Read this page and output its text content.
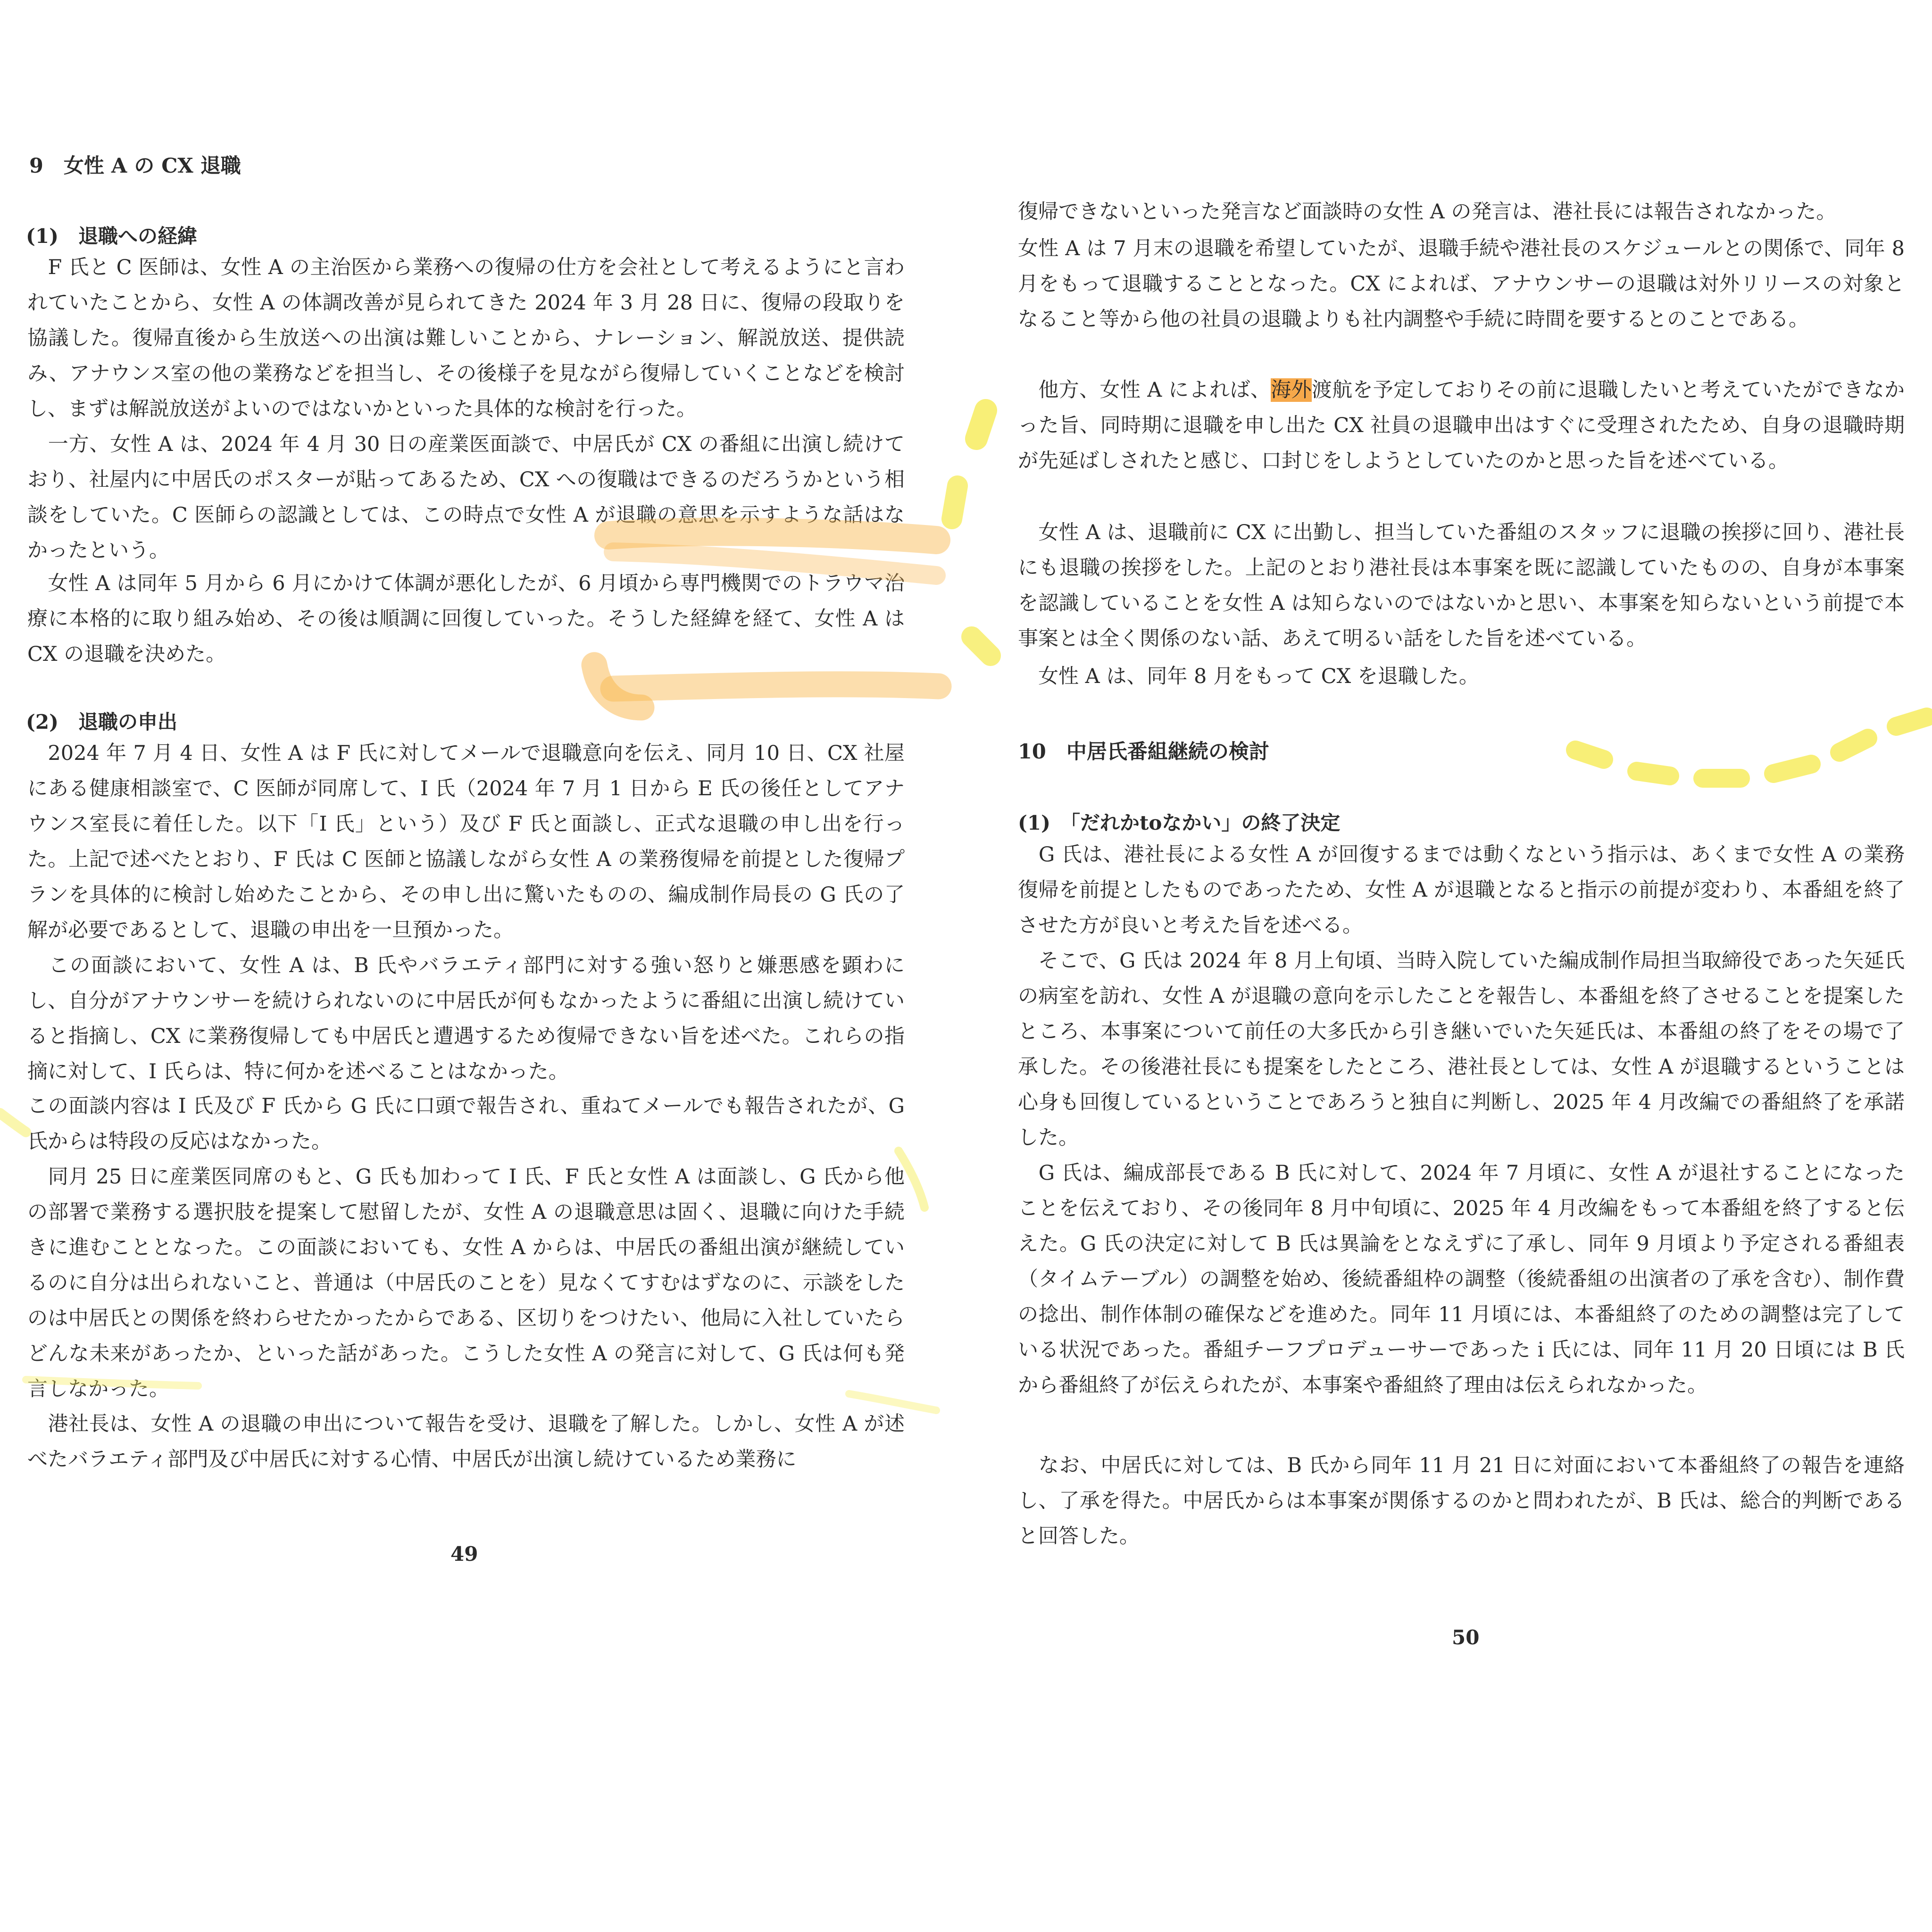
9　女性 A の CX 退職
(1)　退職への経緯

　F 氏と C 医師は、女性 A の主治医から業務への復帰の仕方を会社として考えるようにと言われていたことから、女性 A の体調改善が見られてきた 2024 年 3 月 28 日に、復帰の段取りを協議した。復帰直後から生放送への出演は難しいことから、ナレーション、解説放送、提供読み、アナウンス室の他の業務などを担当し、その後様子を見ながら復帰していくことなどを検討し、まずは解説放送がよいのではないかといった具体的な検討を行った。

　一方、女性 A は、2024 年 4 月 30 日の産業医面談で、中居氏が CX の番組に出演し続けており、社屋内に中居氏のポスターが貼ってあるため、CX への復職はできるのだろうかという相談をしていた。C 医師らの認識としては、この時点で女性 A が退職の意思を示すような話はなかったという。

　女性 A は同年 5 月から 6 月にかけて体調が悪化したが、6 月頃から専門機関でのトラウマ治療に本格的に取り組み始め、その後は順調に回復していった。そうした経緯を経て、女性 A は CX の退職を決めた。

(2)　退職の申出

　2024 年 7 月 4 日、女性 A は F 氏に対してメールで退職意向を伝え、同月 10 日、CX 社屋にある健康相談室で、C 医師が同席して、I 氏（2024 年 7 月 1 日から E 氏の後任としてアナウンス室長に着任した。以下「I 氏」という）及び F 氏と面談し、正式な退職の申し出を行った。上記で述べたとおり、F 氏は C 医師と協議しながら女性 A の業務復帰を前提とした復帰プランを具体的に検討し始めたことから、その申し出に驚いたものの、編成制作局長の G 氏の了解が必要であるとして、退職の申出を一旦預かった。

　この面談において、女性 A は、B 氏やバラエティ部門に対する強い怒りと嫌悪感を顕わにし、自分がアナウンサーを続けられないのに中居氏が何もなかったように番組に出演し続けていると指摘し、CX に業務復帰しても中居氏と遭遇するため復帰できない旨を述べた。これらの指摘に対して、I 氏らは、特に何かを述べることはなかった。

この面談内容は I 氏及び F 氏から G 氏に口頭で報告され、重ねてメールでも報告されたが、G 氏からは特段の反応はなかった。

　同月 25 日に産業医同席のもと、G 氏も加わって I 氏、F 氏と女性 A は面談し、G 氏から他の部署で業務する選択肢を提案して慰留したが、女性 A の退職意思は固く、退職に向けた手続きに進むこととなった。この面談においても、女性 A からは、中居氏の番組出演が継続しているのに自分は出られないこと、普通は（中居氏のことを）見なくてすむはずなのに、示談をしたのは中居氏との関係を終わらせたかったからである、区切りをつけたい、他局に入社していたらどんな未来があったか、といった話があった。こうした女性 A の発言に対して、G 氏は何も発言しなかった。

　港社長は、女性 A の退職の申出について報告を受け、退職を了解した。しかし、女性 A が述べたバラエティ部門及び中居氏に対する心情、中居氏が出演し続けているため業務に

49

復帰できないといった発言など面談時の女性 A の発言は、港社長には報告されなかった。

女性 A は 7 月末の退職を希望していたが、退職手続や港社長のスケジュールとの関係で、同年 8 月をもって退職することとなった。CX によれば、アナウンサーの退職は対外リリースの対象となること等から他の社員の退職よりも社内調整や手続に時間を要するとのことである。

　他方、女性 A によれば、海外渡航を予定しておりその前に退職したいと考えていたができなかった旨、同時期に退職を申し出た CX 社員の退職申出はすぐに受理されたため、自身の退職時期が先延ばしされたと感じ、口封じをしようとしていたのかと思った旨を述べている。

　女性 A は、退職前に CX に出勤し、担当していた番組のスタッフに退職の挨拶に回り、港社長にも退職の挨拶をした。上記のとおり港社長は本事案を既に認識していたものの、自身が本事案を認識していることを女性 A は知らないのではないかと思い、本事案を知らないという前提で本事案とは全く関係のない話、あえて明るい話をした旨を述べている。

　女性 A は、同年 8 月をもって CX を退職した。

10　中居氏番組継続の検討
(1)　「だれかtoなかい」の終了決定

　G 氏は、港社長による女性 A が回復するまでは動くなという指示は、あくまで女性 A の業務復帰を前提としたものであったため、女性 A が退職となると指示の前提が変わり、本番組を終了させた方が良いと考えた旨を述べる。

　そこで、G 氏は 2024 年 8 月上旬頃、当時入院していた編成制作局担当取締役であった矢延氏の病室を訪れ、女性 A が退職の意向を示したことを報告し、本番組を終了させることを提案したところ、本事案について前任の大多氏から引き継いでいた矢延氏は、本番組の終了をその場で了承した。その後港社長にも提案をしたところ、港社長としては、女性 A が退職するということは心身も回復しているということであろうと独自に判断し、2025 年 4 月改編での番組終了を承諾した。

　G 氏は、編成部長である B 氏に対して、2024 年 7 月頃に、女性 A が退社することになったことを伝えており、その後同年 8 月中旬頃に、2025 年 4 月改編をもって本番組を終了すると伝えた。G 氏の決定に対して B 氏は異論をとなえずに了承し、同年 9 月頃より予定される番組表（タイムテーブル）の調整を始め、後続番組枠の調整（後続番組の出演者の了承を含む）、制作費の捻出、制作体制の確保などを進めた。同年 11 月頃には、本番組終了のための調整は完了している状況であった。番組チーフプロデューサーであった i 氏には、同年 11 月 20 日頃には B 氏から番組終了が伝えられたが、本事案や番組終了理由は伝えられなかった。

　なお、中居氏に対しては、B 氏から同年 11 月 21 日に対面において本番組終了の報告を連絡し、了承を得た。中居氏からは本事案が関係するのかと問われたが、B 氏は、総合的判断であると回答した。

50
